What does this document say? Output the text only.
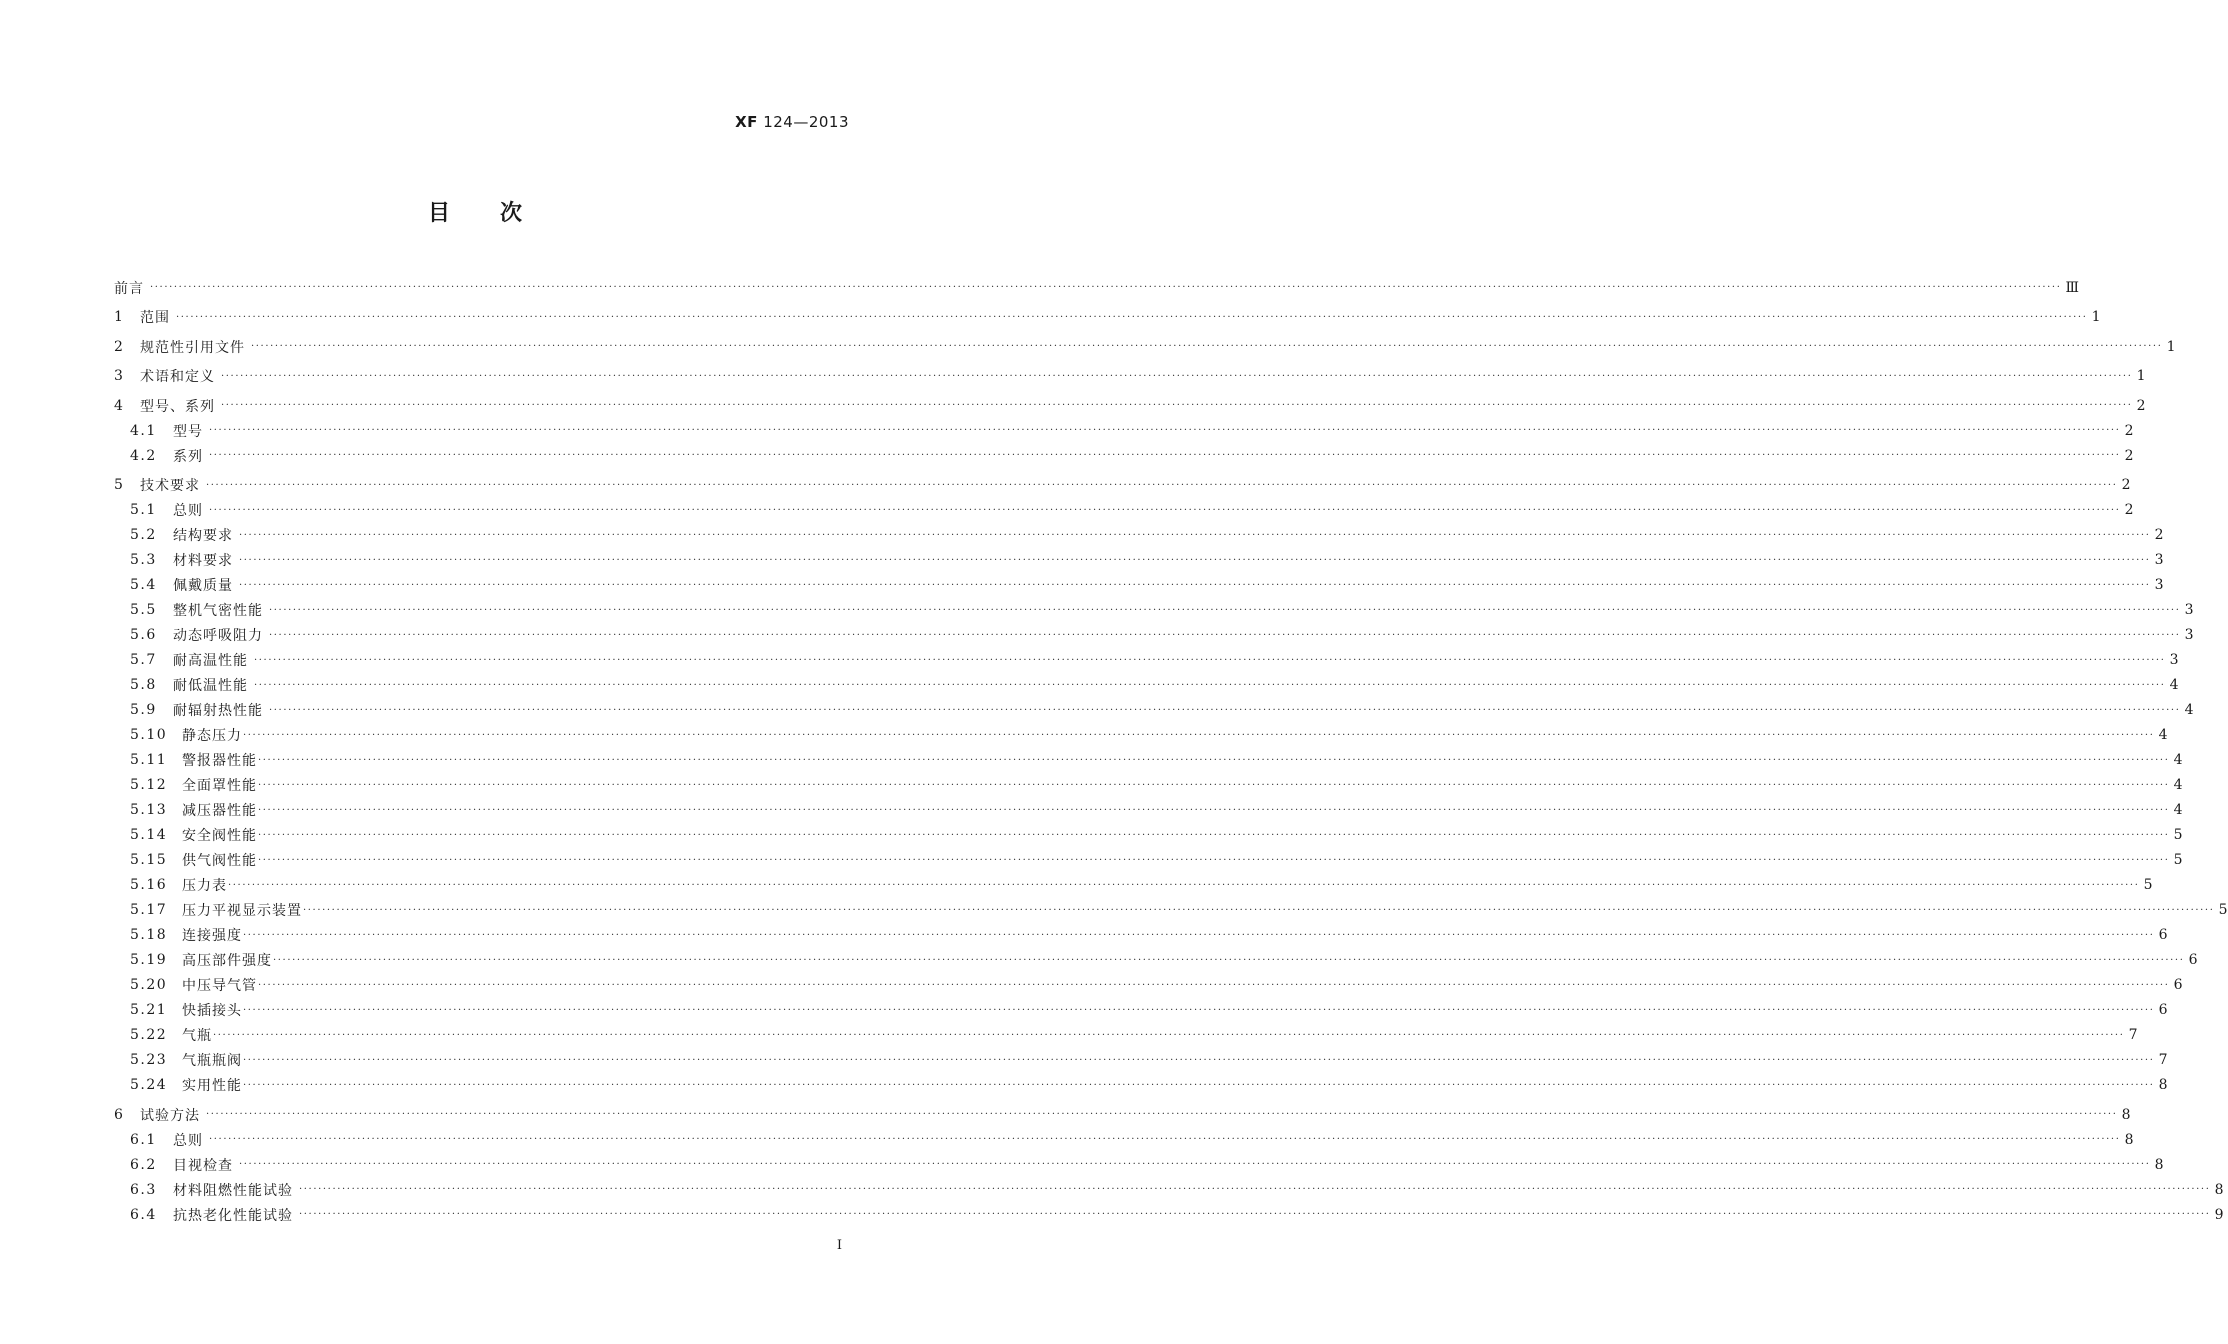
XF 124—2013
目次
前言 ················································································································································································································································································································································································································ Ⅲ
1	范围 ················································································································································································································································································································································································································ 1
2	规范性引用文件 ················································································································································································································································································································································································································ 1
3	术语和定义 ················································································································································································································································································································································································································ 1
4	型号、系列 ················································································································································································································································································································································································································ 2
4.1	型号 ················································································································································································································································································································································································································ 2
4.2	系列 ················································································································································································································································································································································································································ 2
5	技术要求 ················································································································································································································································································································································································································ 2
5.1	总则 ················································································································································································································································································································································································································ 2
5.2	结构要求 ················································································································································································································································································································································································································ 2
5.3	材料要求 ················································································································································································································································································································································································································ 3
5.4	佩戴质量 ················································································································································································································································································································································································································ 3
5.5	整机气密性能 ················································································································································································································································································································································································································ 3
5.6	动态呼吸阻力 ················································································································································································································································································································································································································ 3
5.7	耐高温性能 ················································································································································································································································································································································································································ 3
5.8	耐低温性能 ················································································································································································································································································································································································································ 4
5.9	耐辐射热性能 ················································································································································································································································································································································································································ 4
5.10	静态压力 ················································································································································································································································································································································································································ 4
5.11	警报器性能 ················································································································································································································································································································································································································ 4
5.12	全面罩性能 ················································································································································································································································································································································································································ 4
5.13	减压器性能 ················································································································································································································································································································································································································ 4
5.14	安全阀性能 ················································································································································································································································································································································································································ 5
5.15	供气阀性能 ················································································································································································································································································································································································································ 5
5.16	压力表 ················································································································································································································································································································································································································ 5
5.17	压力平视显示装置 ················································································································································································································································································································································································································ 5
5.18	连接强度 ················································································································································································································································································································································································································ 6
5.19	高压部件强度 ················································································································································································································································································································································································································ 6
5.20	中压导气管 ················································································································································································································································································································································································································ 6
5.21	快插接头 ················································································································································································································································································································································································································ 6
5.22	气瓶 ················································································································································································································································································································································································································ 7
5.23	气瓶瓶阀 ················································································································································································································································································································································································································ 7
5.24	实用性能 ················································································································································································································································································································································································································ 8
6	试验方法 ················································································································································································································································································································································································································ 8
6.1	总则 ················································································································································································································································································································································································································ 8
6.2	目视检查 ················································································································································································································································································································································································································ 8
6.3	材料阻燃性能试验 ················································································································································································································································································································································································································ 8
6.4	抗热老化性能试验 ················································································································································································································································································································································································································ 9
I
